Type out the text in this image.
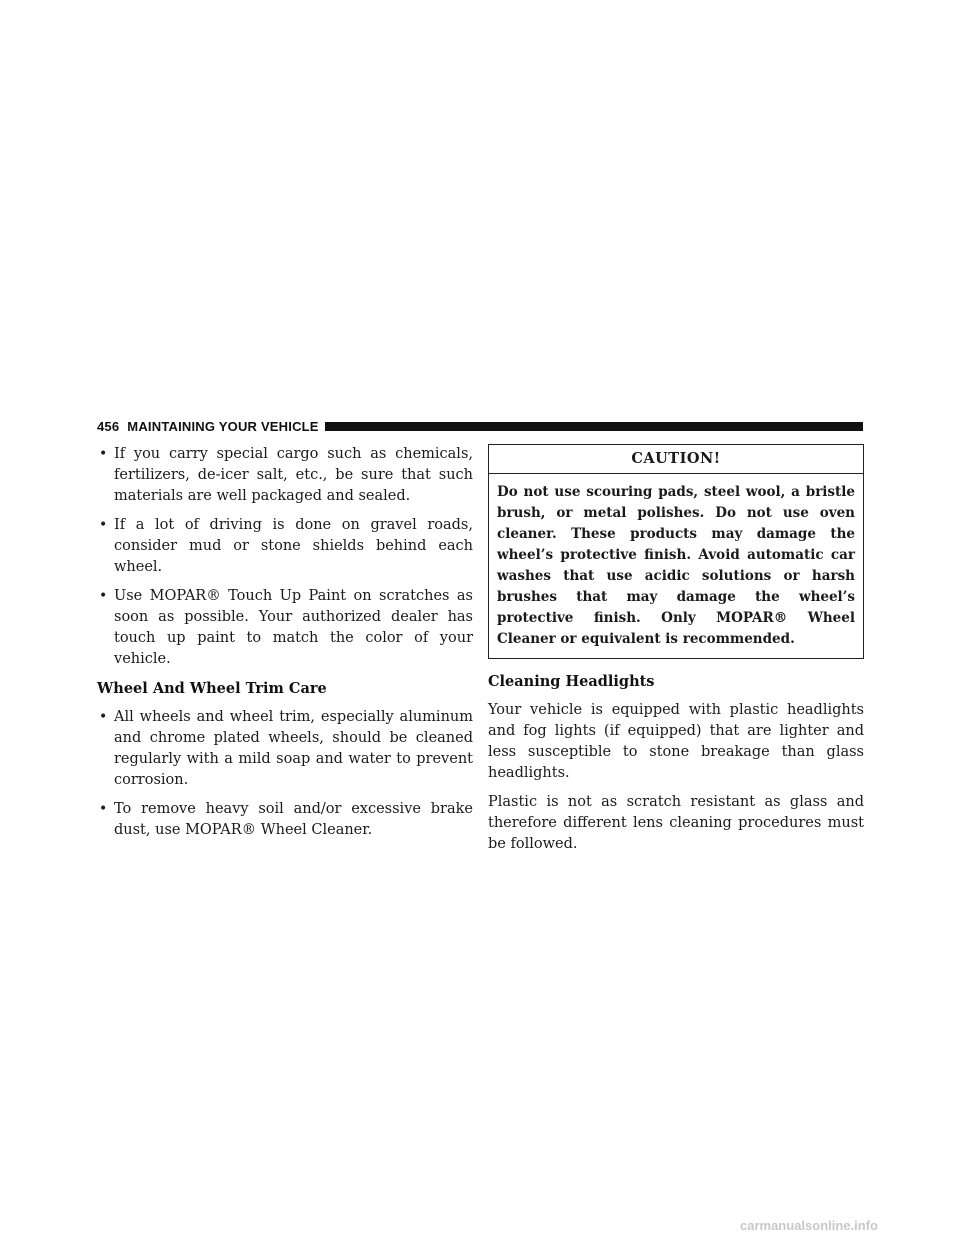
456 MAINTAINING YOUR VEHICLE
• If you carry special cargo such as chemicals, fertilizers, de-icer salt, etc., be sure that such materials are well packaged and sealed.
• If a lot of driving is done on gravel roads, consider mud or stone shields behind each wheel.
• Use MOPAR® Touch Up Paint on scratches as soon as possible. Your authorized dealer has touch up paint to match the color of your vehicle.
Wheel And Wheel Trim Care
• All wheels and wheel trim, especially aluminum and chrome plated wheels, should be cleaned regularly with a mild soap and water to prevent corrosion.
• To remove heavy soil and/or excessive brake dust, use MOPAR® Wheel Cleaner.
CAUTION!
Do not use scouring pads, steel wool, a bristle brush, or metal polishes. Do not use oven cleaner. These products may damage the wheel’s protective finish. Avoid automatic car washes that use acidic solutions or harsh brushes that may damage the wheel’s protective finish. Only MOPAR® Wheel Cleaner or equivalent is recommended.
Cleaning Headlights

Your vehicle is equipped with plastic headlights and fog lights (if equipped) that are lighter and less susceptible to stone breakage than glass headlights.

Plastic is not as scratch resistant as glass and therefore different lens cleaning procedures must be followed.

carmanualsonline.info
